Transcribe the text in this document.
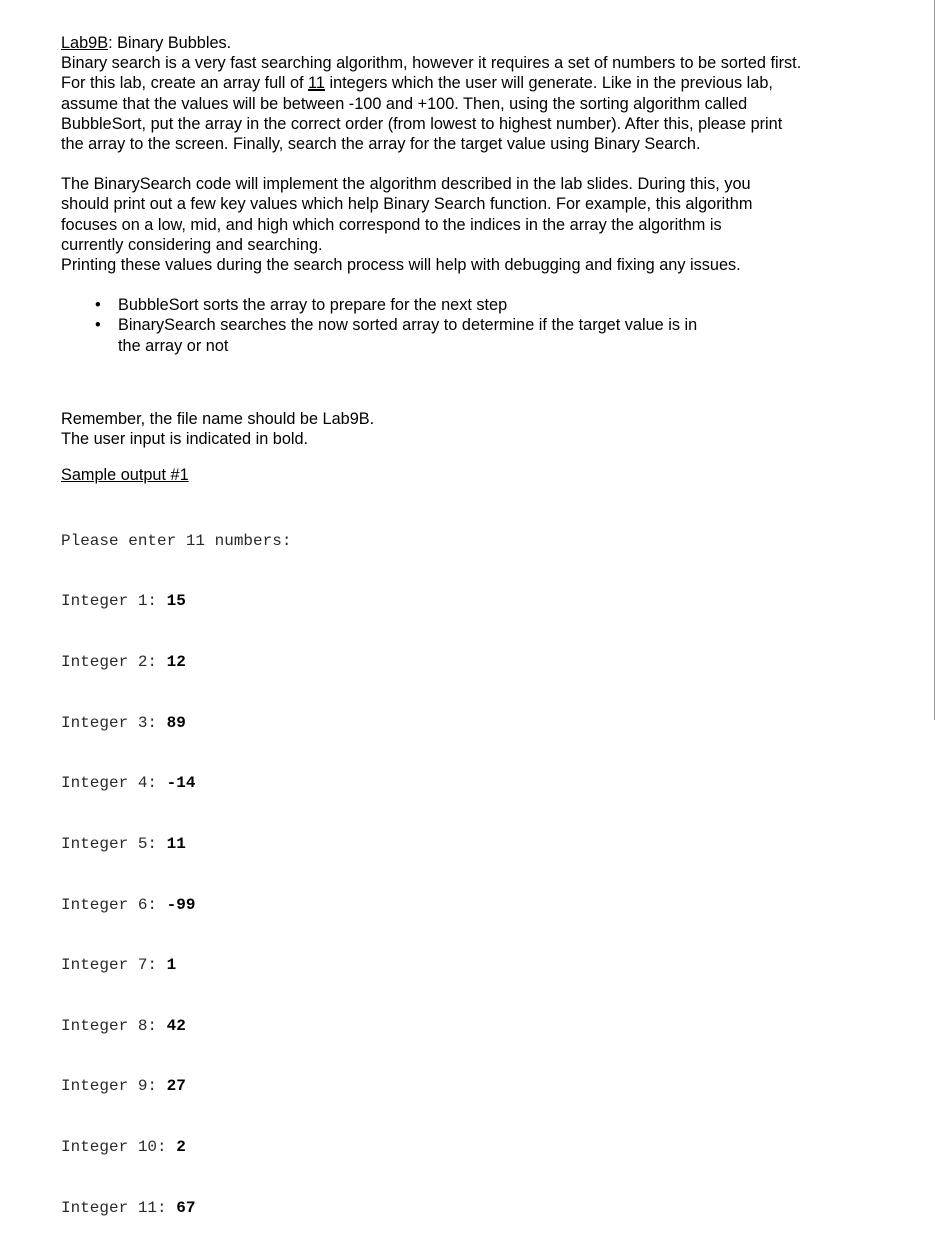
Lab9B: Binary Bubbles.

Binary search is a very fast searching algorithm, however it requires a set of numbers to be sorted first.
For this lab, create an array full of 11 integers which the user will generate. Like in the previous lab,
assume that the values will be between -100 and +100. Then, using the sorting algorithm called
BubbleSort, put the array in the correct order (from lowest to highest number). After this, please print
the array to the screen. Finally, search the array for the target value using Binary Search.

The BinarySearch code will implement the algorithm described in the lab slides. During this, you
should print out a few key values which help Binary Search function. For example, this algorithm
focuses on a low, mid, and high which correspond to the indices in the array the algorithm is
currently considering and searching.
Printing these values during the search process will help with debugging and fixing any issues.

• BubbleSort sorts the array to prepare for the next step
• BinarySearch searches the now sorted array to determine if the target value is in
the array or not

Remember, the file name should be Lab9B.
The user input is indicated in bold.

Sample output #1

Please enter 11 numbers:

Integer 1: 15

Integer 2: 12

Integer 3: 89

Integer 4: -14

Integer 5: 11

Integer 6: -99

Integer 7: 1

Integer 8: 42

Integer 9: 27

Integer 10: 2

Integer 11: 67
